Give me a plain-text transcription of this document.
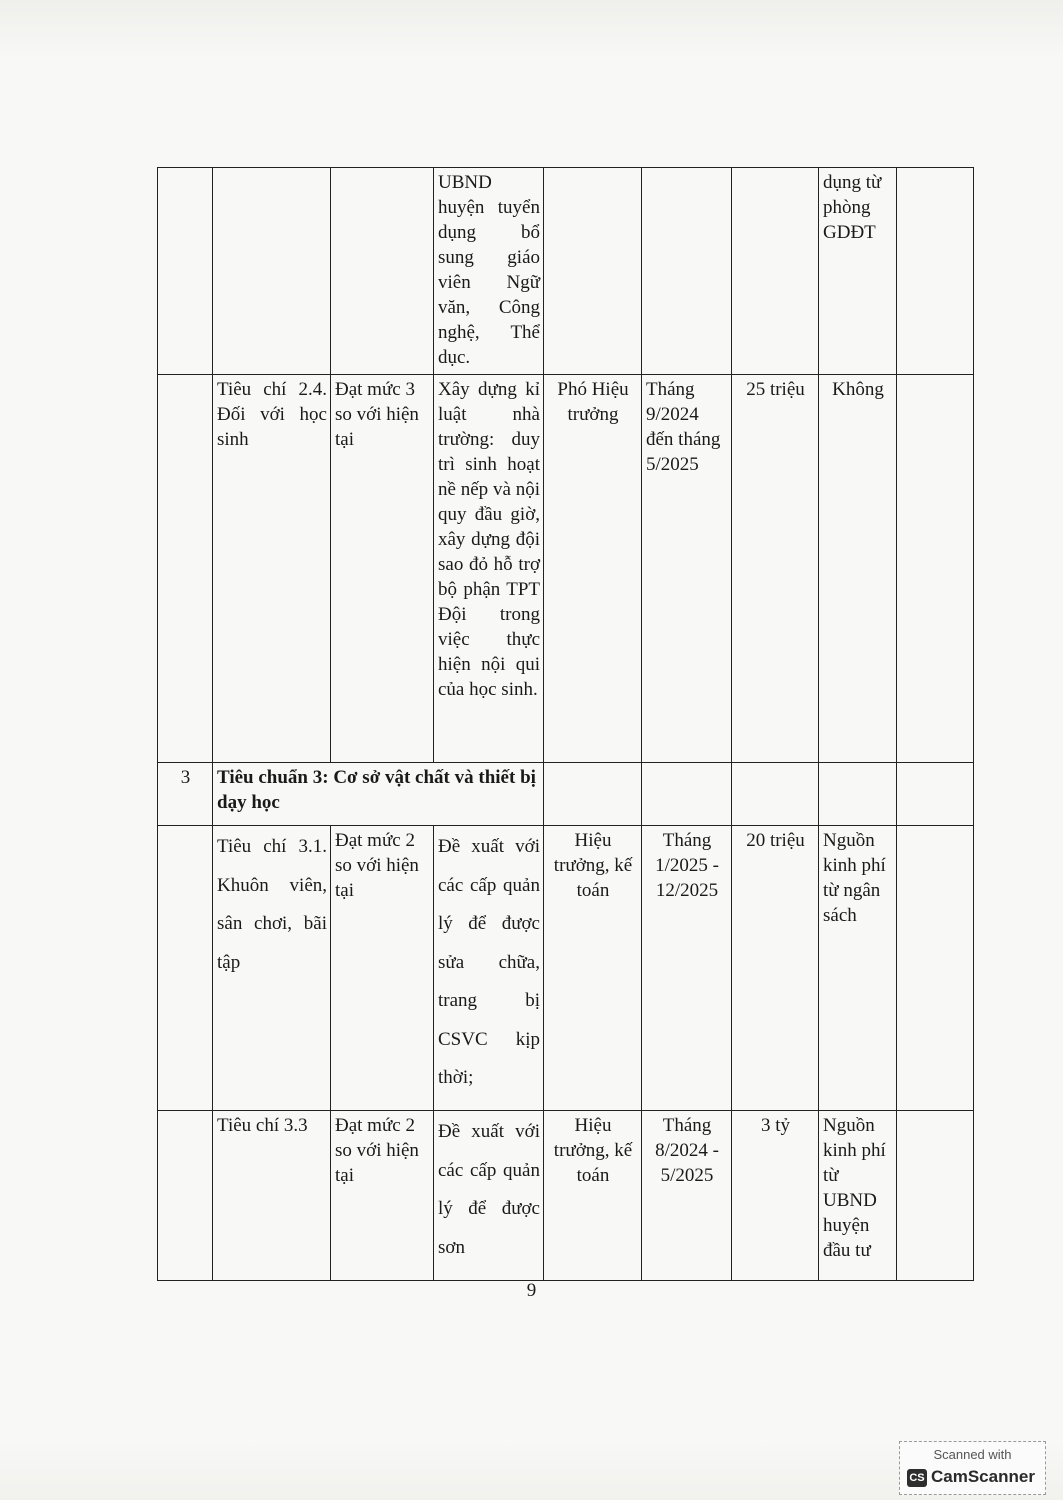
			UBND huyện tuyển dụng bổ sung giáo viên Ngữ văn, Công nghệ, Thể dục.				dụng từ phòng GDĐT	
	Tiêu chí 2.4. Đối với học sinh	Đạt mức 3 so với hiện tại	Xây dựng kỉ luật nhà trường: duy trì sinh hoạt nề nếp và nội quy đầu giờ, xây dựng đội sao đỏ hỗ trợ bộ phận TPT Đội trong việc thực hiện nội qui của học sinh.	Phó Hiệu trưởng	Tháng 9/2024 đến tháng 5/2025	25 triệu	Không	
3	Tiêu chuẩn 3: Cơ sở vật chất và thiết bị dạy học							
	Tiêu chí 3.1. Khuôn viên, sân chơi, bãi tập	Đạt mức 2 so với hiện tại	Đề xuất với các cấp quản lý để được sửa chữa, trang bị CSVC kịp thời;	Hiệu trưởng, kế toán	Tháng 1/2025 - 12/2025	20 triệu	Nguồn kinh phí từ ngân sách	
	Tiêu chí 3.3	Đạt mức 2 so với hiện tại	Đề xuất với các cấp quản lý để được sơn	Hiệu trưởng, kế toán	Tháng 8/2024 - 5/2025	3 tỷ	Nguồn kinh phí từ UBND huyện đầu tư	
9
Scanned with
CS CamScanner
